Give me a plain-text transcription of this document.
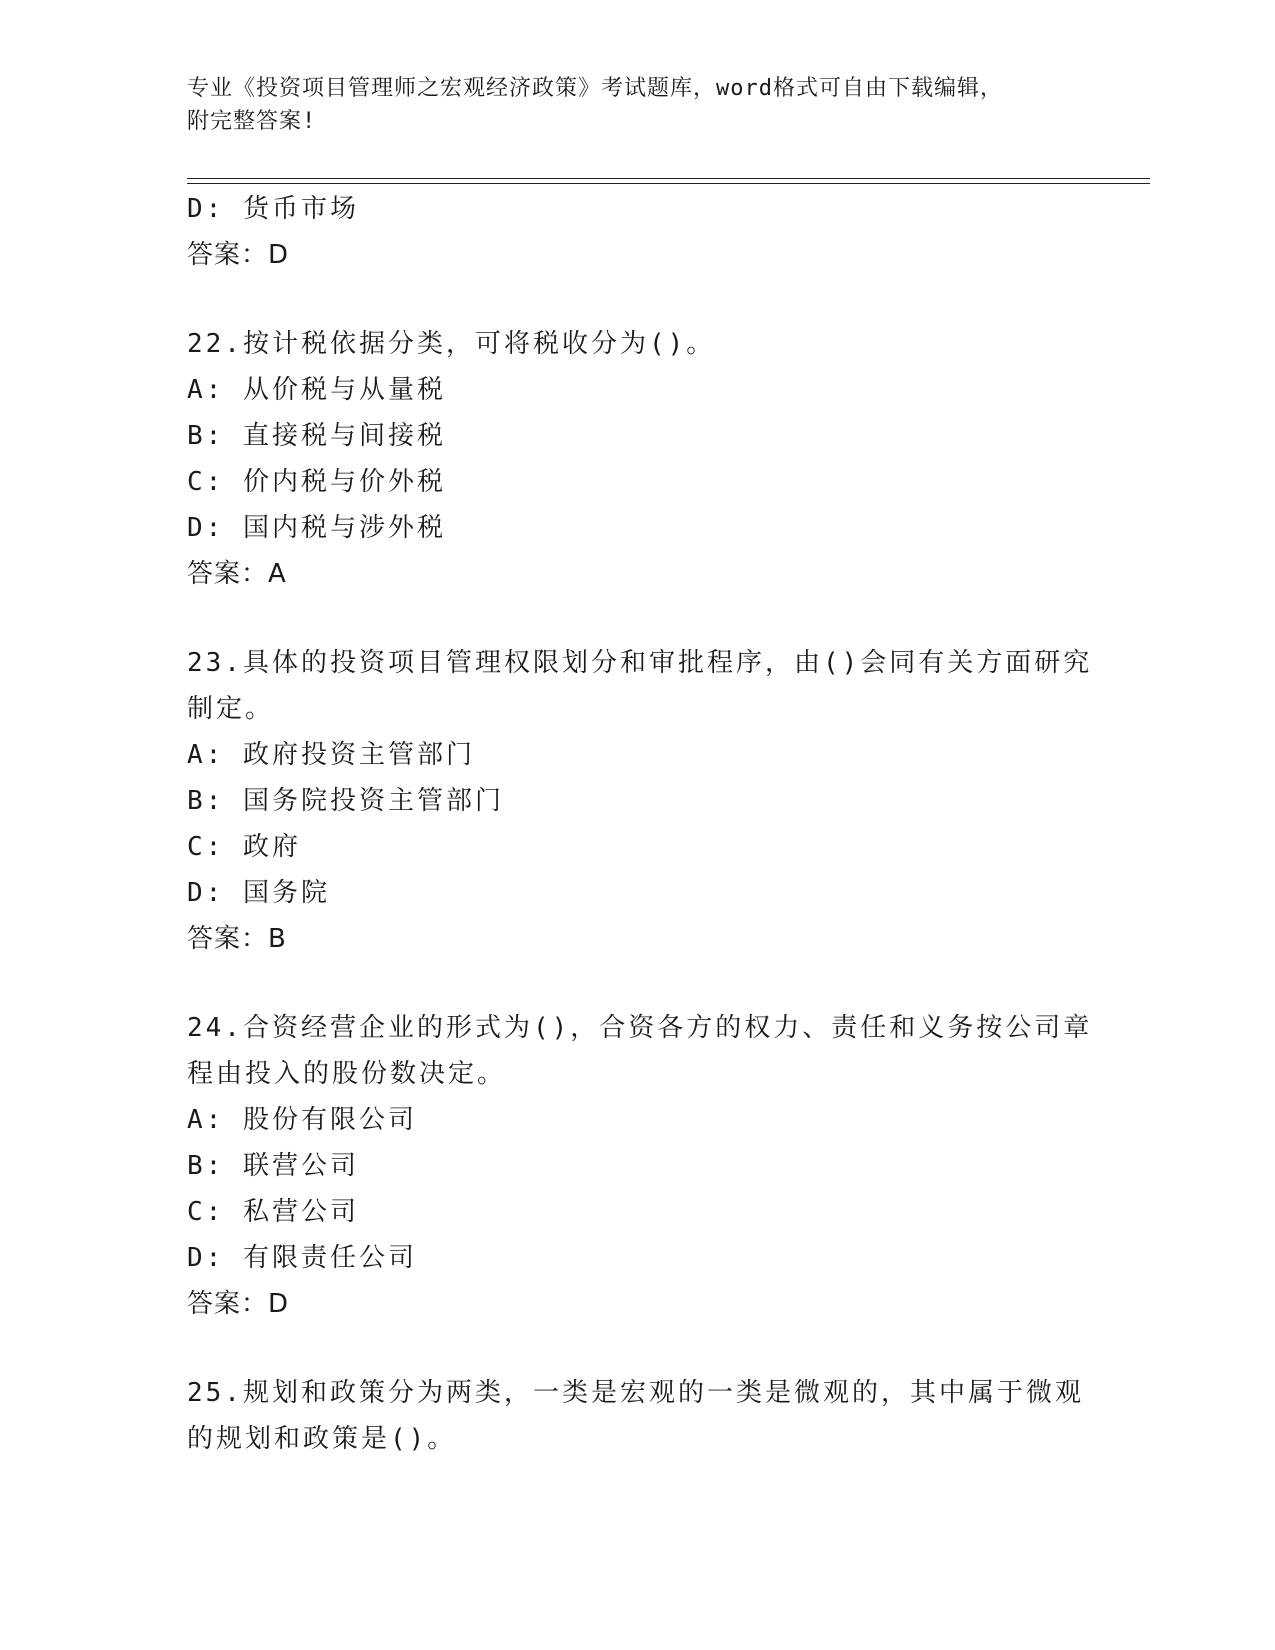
专业《投资项目管理师之宏观经济政策》考试题库，word格式可自由下载编辑，
附完整答案!
D: 货币市场
答案：D
22.按计税依据分类，可将税收分为()。
A: 从价税与从量税
B: 直接税与间接税
C: 价内税与价外税
D: 国内税与涉外税
答案：A
23.具体的投资项目管理权限划分和审批程序，由()会同有关方面研究
制定。
A: 政府投资主管部门
B: 国务院投资主管部门
C: 政府
D: 国务院
答案：B
24.合资经营企业的形式为()，合资各方的权力、责任和义务按公司章
程由投入的股份数决定。
A: 股份有限公司
B: 联营公司
C: 私营公司
D: 有限责任公司
答案：D
25.规划和政策分为两类，一类是宏观的一类是微观的，其中属于微观
的规划和政策是()。
